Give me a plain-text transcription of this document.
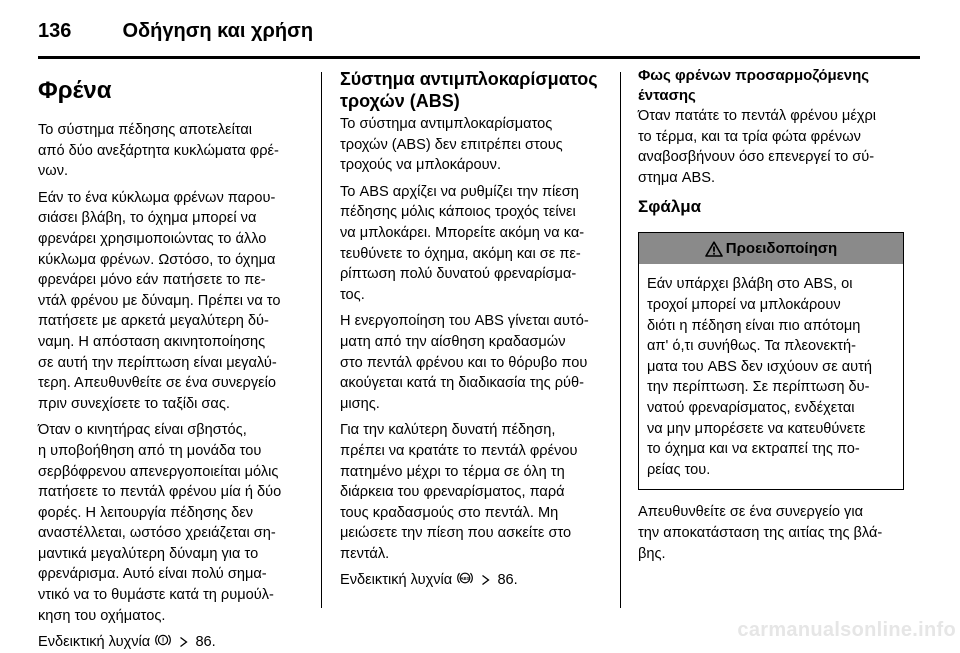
136	Οδήγηση και χρήση
Φρένα
Το σύστημα πέδησης αποτελείται
από δύο ανεξάρτητα κυκλώματα φρέ-
νων.
Εάν το ένα κύκλωμα φρένων παρου-
σιάσει βλάβη, το όχημα μπορεί να
φρενάρει χρησιμοποιώντας το άλλο
κύκλωμα φρένων. Ωστόσο, το όχημα
φρενάρει μόνο εάν πατήσετε το πε-
ντάλ φρένου με δύναμη. Πρέπει να το
πατήσετε με αρκετά μεγαλύτερη δύ-
ναμη. Η απόσταση ακινητοποίησης
σε αυτή την περίπτωση είναι μεγαλύ-
τερη. Απευθυνθείτε σε ένα συνεργείο
πριν συνεχίσετε το ταξίδι σας.
Όταν ο κινητήρας είναι σβηστός,
η υποβοήθηση από τη μονάδα του
σερβόφρενου απενεργοποιείται μόλις
πατήσετε το πεντάλ φρένου μία ή δύο
φορές. Η λειτουργία πέδησης δεν
αναστέλλεται, ωστόσο χρειάζεται ση-
μαντικά μεγαλύτερη δύναμη για το
φρενάρισμα. Αυτό είναι πολύ σημα-
ντικό να το θυμάστε κατά τη ρυμούλ-
κηση του οχήματος.
Ενδεικτική λυχνία ! 86.
Σύστημα αντιμπλοκαρίσματος
τροχών (ABS)
Το σύστημα αντιμπλοκαρίσματος
τροχών (ABS) δεν επιτρέπει στους
τροχούς να μπλοκάρουν.
Το ABS αρχίζει να ρυθμίζει την πίεση
πέδησης μόλις κάποιος τροχός τείνει
να μπλοκάρει. Μπορείτε ακόμη να κα-
τευθύνετε το όχημα, ακόμη και σε πε-
ρίπτωση πολύ δυνατού φρεναρίσμα-
τος.
Η ενεργοποίηση του ABS γίνεται αυτό-
ματη από την αίσθηση κραδασμών
στο πεντάλ φρένου και το θόρυβο που
ακούγεται κατά τη διαδικασία της ρύθ-
μισης.
Για την καλύτερη δυνατή πέδηση,
πρέπει να κρατάτε το πεντάλ φρένου
πατημένο μέχρι το τέρμα σε όλη τη
διάρκεια του φρεναρίσματος, παρά
τους κραδασμούς στο πεντάλ. Μη
μειώσετε την πίεση που ασκείτε στο
πεντάλ.
Ενδεικτική λυχνία ABS 86.
Φως φρένων προσαρμοζόμενης
έντασης
Όταν πατάτε το πεντάλ φρένου μέχρι
το τέρμα, και τα τρία φώτα φρένων
αναβοσβήνουν όσο επενεργεί το σύ-
στημα ABS.
Σφάλμα
Προειδοποίηση
Εάν υπάρχει βλάβη στο ABS, οι
τροχοί μπορεί να μπλοκάρουν
διότι η πέδηση είναι πιο απότομη
απ' ό,τι συνήθως. Τα πλεονεκτή-
ματα του ABS δεν ισχύουν σε αυτή
την περίπτωση. Σε περίπτωση δυ-
νατού φρεναρίσματος, ενδέχεται
να μην μπορέσετε να κατευθύνετε
το όχημα και να εκτραπεί της πο-
ρείας του.
Απευθυνθείτε σε ένα συνεργείο για
την αποκατάσταση της αιτίας της βλά-
βης.
carmanualsonline.info
